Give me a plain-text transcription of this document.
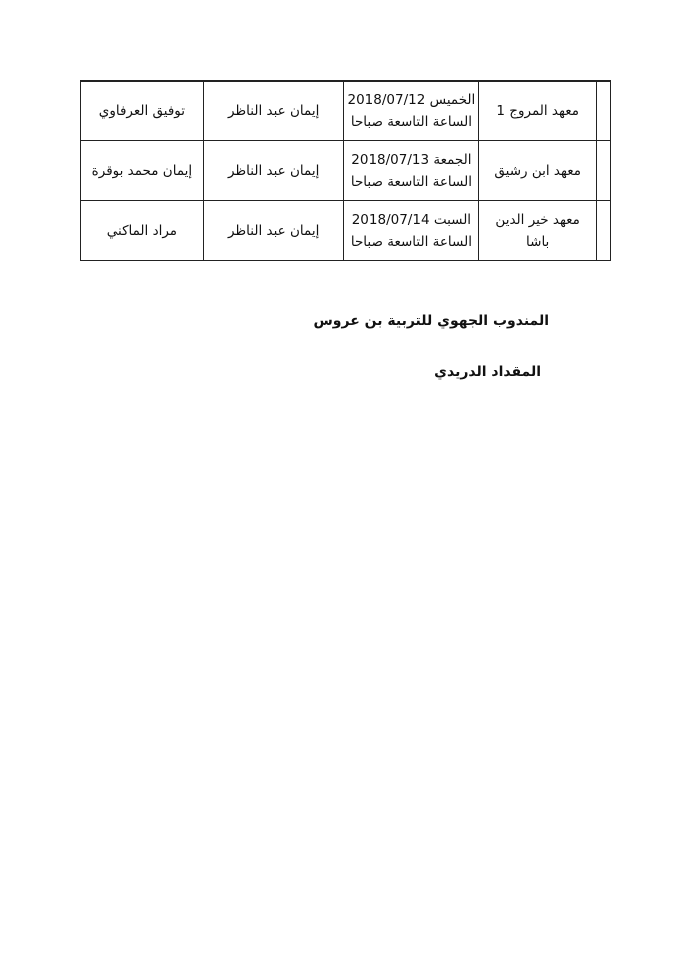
	معهد المروج 1	الخميس 2018/07/12
الساعة التاسعة صباحا	إيمان عبد الناظر	توفيق العرفاوي

	معهد ابن رشيق	الجمعة 2018/07/13
الساعة التاسعة صباحا	إيمان عبد الناظر	إيمان محمد بوقرة

	معهد خير الدين
باشا	السبت 2018/07/14
الساعة التاسعة صباحا	إيمان عبد الناظر	مراد الماكني
المندوب الجهوي للتربية بن عروس
المقداد الدريدي
